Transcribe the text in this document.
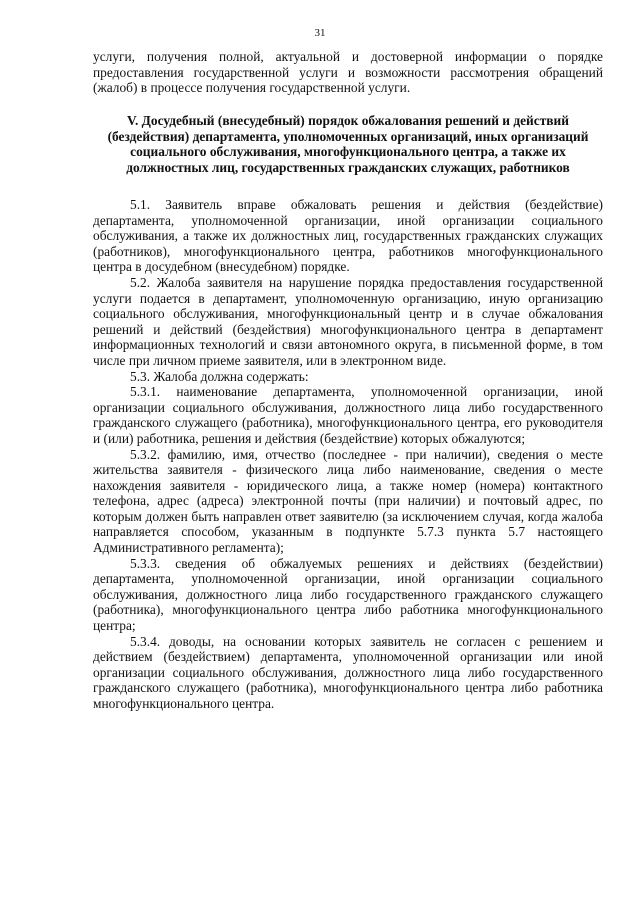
31

услуги, получения полной, актуальной и достоверной информации о порядке предоставления государственной услуги и возможности рассмотрения обращений (жалоб) в процессе получения государственной услуги.

V. Досудебный (внесудебный) порядок обжалования решений и действий (бездействия) департамента, уполномоченных организаций, иных организаций социального обслуживания, многофункционального центра, а также их должностных лиц, государственных гражданских служащих, работников

5.1. Заявитель вправе обжаловать решения и действия (бездействие) департамента, уполномоченной организации, иной организации социального обслуживания, а также их должностных лиц, государственных гражданских служащих (работников), многофункционального центра, работников многофункционального центра в досудебном (внесудебном) порядке.

5.2. Жалоба заявителя на нарушение порядка предоставления государственной услуги подается в департамент, уполномоченную организацию, иную организацию социального обслуживания, многофункциональный центр и в случае обжалования решений и действий (бездействия) многофункционального центра в департамент информационных технологий и связи автономного округа, в письменной форме, в том числе при личном приеме заявителя, или в электронном виде.

5.3. Жалоба должна содержать:

5.3.1. наименование департамента, уполномоченной организации, иной организации социального обслуживания, должностного лица либо государственного гражданского служащего (работника), многофункционального центра, его руководителя и (или) работника, решения и действия (бездействие) которых обжалуются;

5.3.2. фамилию, имя, отчество (последнее - при наличии), сведения о месте жительства заявителя - физического лица либо наименование, сведения о месте нахождения заявителя - юридического лица, а также номер (номера) контактного телефона, адрес (адреса) электронной почты (при наличии) и почтовый адрес, по которым должен быть направлен ответ заявителю (за исключением случая, когда жалоба направляется способом, указанным в подпункте 5.7.3 пункта 5.7 настоящего Административного регламента);

5.3.3. сведения об обжалуемых решениях и действиях (бездействии) департамента, уполномоченной организации, иной организации социального обслуживания, должностного лица либо государственного гражданского служащего (работника), многофункционального центра либо работника многофункционального центра;

5.3.4. доводы, на основании которых заявитель не согласен с решением и действием (бездействием) департамента, уполномоченной организации или иной организации социального обслуживания, должностного лица либо государственного гражданского служащего (работника), многофункционального центра либо работника многофункционального центра.
